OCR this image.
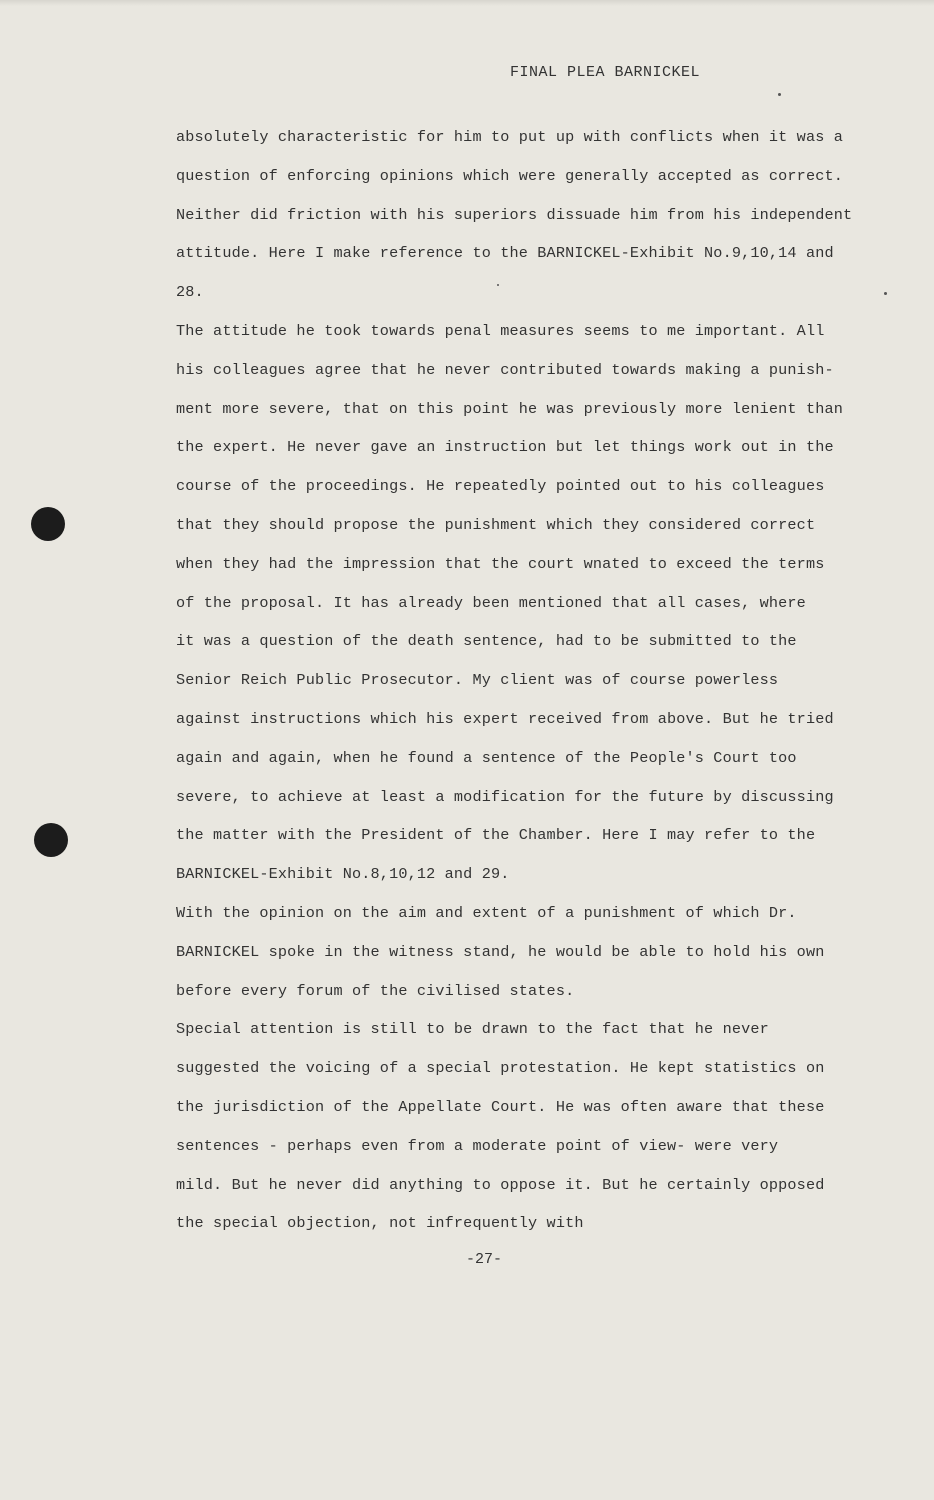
FINAL PLEA BARNICKEL
absolutely characteristic for him to put up with conflicts when it was a
question of enforcing opinions which were generally accepted as correct.
Neither did friction with his superiors dissuade him from his independent
attitude. Here I make reference to the BARNICKEL-Exhibit No.9,10,14 and
28.
The attitude he took towards penal measures seems to me important. All
his colleagues agree that he never contributed towards making a punish-
ment more severe, that on this point he was previously more lenient than
the expert. He never gave an instruction but let things work out in the
course of the proceedings. He repeatedly pointed out to his colleagues
that they should propose the punishment which they considered correct
when they had the impression that the court wnated to exceed the terms
of the proposal. It has already been mentioned that all cases, where
it was a question of the death sentence, had to be submitted to the
Senior Reich Public Prosecutor. My client was of course powerless
against instructions which his expert received from above. But he tried
again and again, when he found a sentence of the People's Court too
severe, to achieve at least a modification for the future by discussing
the matter with the President of the Chamber. Here I may refer to the
BARNICKEL-Exhibit No.8,10,12 and 29.
With the opinion on the aim and extent of a punishment of which Dr.
BARNICKEL spoke in the witness stand, he would be able to hold his own
before every forum of the civilised states.
Special attention is still to be drawn to the fact that he never
suggested the voicing of a special protestation. He kept statistics on
the jurisdiction of the Appellate Court. He was often aware that these
sentences - perhaps even from a moderate point of view- were very
mild. But he never did anything to oppose it. But he certainly opposed
the special objection, not infrequently with
-27-
